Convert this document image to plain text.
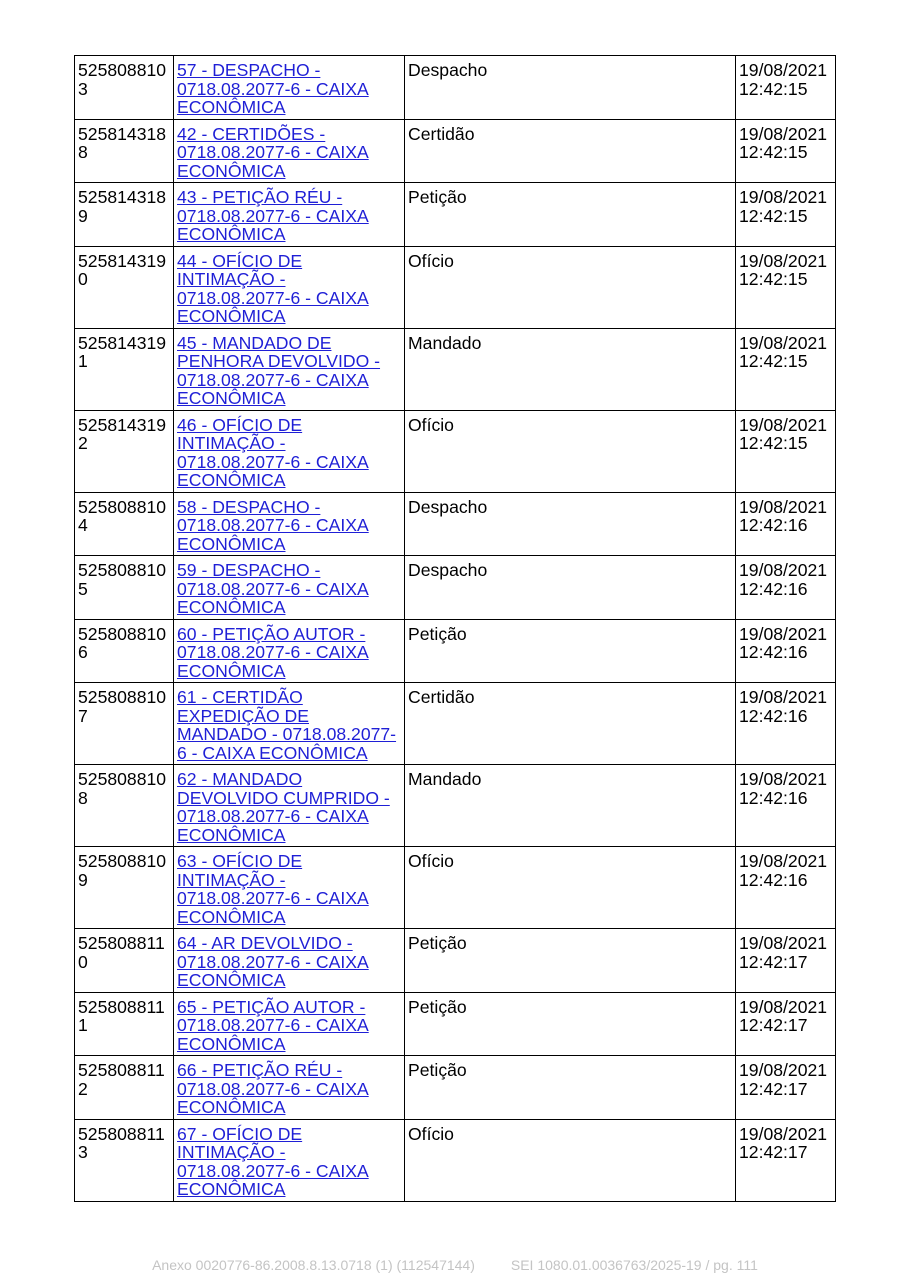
5258088103	57 - DESPACHO - 0718.08.2077-6 - CAIXA ECONÔMICA	Despacho	19/08/2021
12:42:15

5258143188	42 - CERTIDÕES - 0718.08.2077-6 - CAIXA ECONÔMICA	Certidão	19/08/2021
12:42:15

5258143189	43 - PETIÇÃO RÉU - 0718.08.2077-6 - CAIXA ECONÔMICA	Petição	19/08/2021
12:42:15

5258143190	44 - OFÍCIO DE INTIMAÇÃO - 0718.08.2077-6 - CAIXA ECONÔMICA	Ofício	19/08/2021
12:42:15

5258143191	45 - MANDADO DE PENHORA DEVOLVIDO - 0718.08.2077-6 - CAIXA ECONÔMICA	Mandado	19/08/2021
12:42:15

5258143192	46 - OFÍCIO DE INTIMAÇÃO - 0718.08.2077-6 - CAIXA ECONÔMICA	Ofício	19/08/2021
12:42:15

5258088104	58 - DESPACHO - 0718.08.2077-6 - CAIXA ECONÔMICA	Despacho	19/08/2021
12:42:16

5258088105	59 - DESPACHO - 0718.08.2077-6 - CAIXA ECONÔMICA	Despacho	19/08/2021
12:42:16

5258088106	60 - PETIÇÃO AUTOR - 0718.08.2077-6 - CAIXA ECONÔMICA	Petição	19/08/2021
12:42:16

5258088107	61 - CERTIDÃO EXPEDIÇÃO DE MANDADO - 0718.08.2077-6 - CAIXA ECONÔMICA	Certidão	19/08/2021
12:42:16

5258088108	62 - MANDADO DEVOLVIDO CUMPRIDO - 0718.08.2077-6 - CAIXA ECONÔMICA	Mandado	19/08/2021
12:42:16

5258088109	63 - OFÍCIO DE INTIMAÇÃO - 0718.08.2077-6 - CAIXA ECONÔMICA	Ofício	19/08/2021
12:42:16

5258088110	64 - AR DEVOLVIDO - 0718.08.2077-6 - CAIXA ECONÔMICA	Petição	19/08/2021
12:42:17

5258088111	65 - PETIÇÃO AUTOR - 0718.08.2077-6 - CAIXA ECONÔMICA	Petição	19/08/2021
12:42:17

5258088112	66 - PETIÇÃO RÉU - 0718.08.2077-6 - CAIXA ECONÔMICA	Petição	19/08/2021
12:42:17

5258088113	67 - OFÍCIO DE INTIMAÇÃO - 0718.08.2077-6 - CAIXA ECONÔMICA	Ofício	19/08/2021
12:42:17
Anexo 0020776-86.2008.8.13.0718 (1) (112547144)	SEI 1080.01.0036763/2025-19 / pg. 111
